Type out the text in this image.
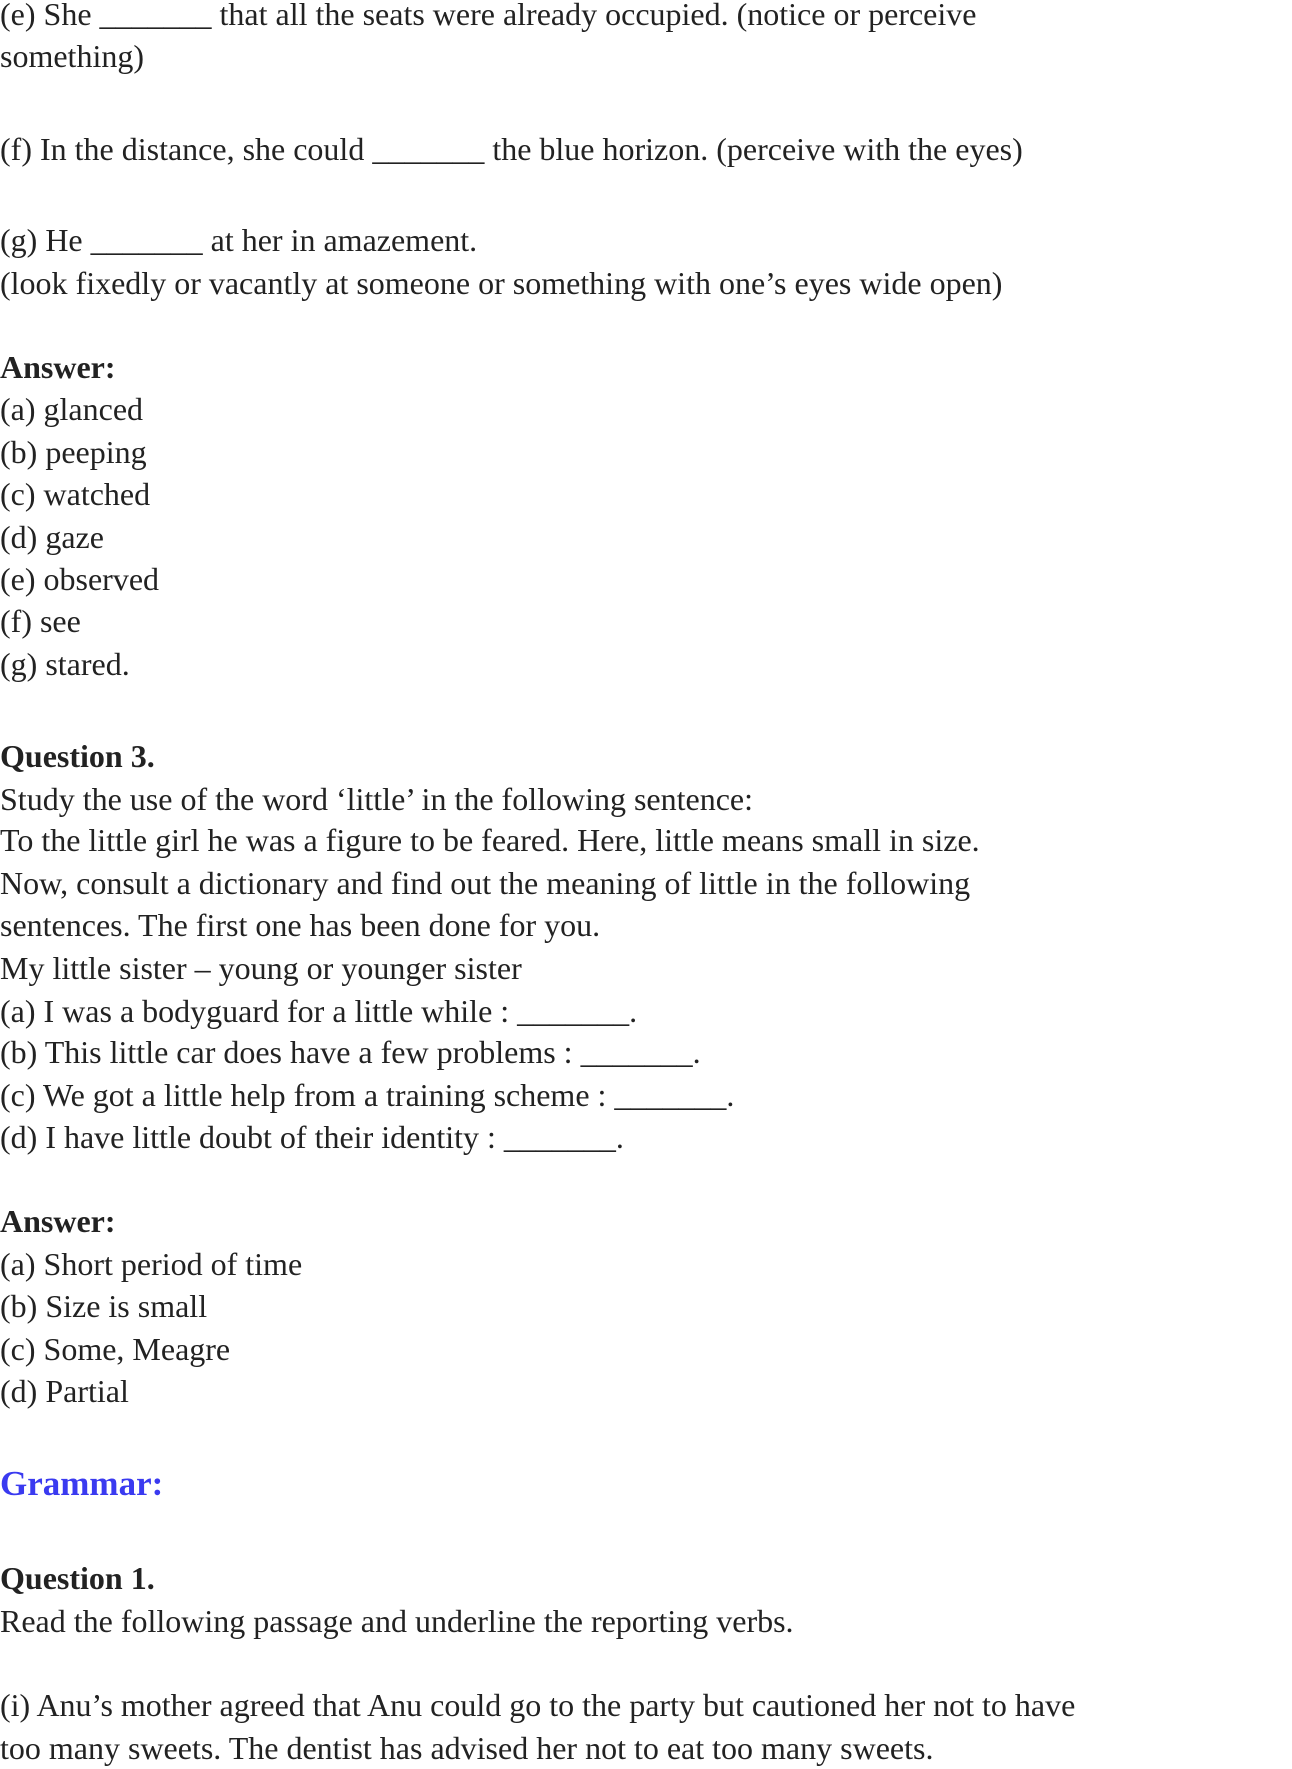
(e) She _______ that all the seats were already occupied. (notice or perceive
something)
(f) In the distance, she could _______ the blue horizon. (perceive with the eyes)
(g) He _______ at her in amazement.
(look fixedly or vacantly at someone or something with one’s eyes wide open)
Answer:
(a) glanced
(b) peeping
(c) watched
(d) gaze
(e) observed
(f) see
(g) stared.
Question 3.
Study the use of the word ‘little’ in the following sentence:
To the little girl he was a figure to be feared. Here, little means small in size.
Now, consult a dictionary and find out the meaning of little in the following
sentences. The first one has been done for you.
My little sister – young or younger sister
(a) I was a bodyguard for a little while : _______.
(b) This little car does have a few problems : _______.
(c) We got a little help from a training scheme : _______.
(d) I have little doubt of their identity : _______.
Answer:
(a) Short period of time
(b) Size is small
(c) Some, Meagre
(d) Partial
Grammar:
Question 1.
Read the following passage and underline the reporting verbs.
(i) Anu’s mother agreed that Anu could go to the party but cautioned her not to have
too many sweets. The dentist has advised her not to eat too many sweets.
